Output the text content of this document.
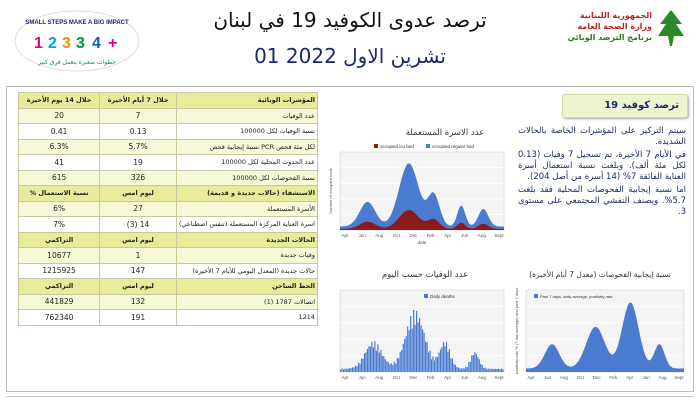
SMALL STEPS MAKE A BIG IMPACT
1 2 3 3 4 +
خطوات صغيرة بتعمل فرق كبير
ترصد عدوى الكوفيد 19 في لبنان
01 تشرين الاول 2022
الجمهورية اللبنانية
وزارة الصحة العامة
برنامج الترصد الوبائي
خلال 14 يوم الأخيرة	خلال 7 أيام الأخيرة	المؤشرات الوبائية
20	7	عدد الوفيات
0.41	0.13	نسبة الوفيات لكل 100000
6.3%	5.7%	نسبة إيجابية فحص PCR لكل مئة فحص
41	19	عدد الحدوث المحلية لكل 100000
615	326	نسبة الفحوصات لكل 100000
% نسبة الاستعمال	ليوم امس	الاستشفاء (حالات جديدة و قديمة)
6%	27	الأسرة المستعملة
7%	(3) 14	اسرة العناية المركزة المستعملة (تنفس اصطناعي)
التراكمي	ليوم امس	الحالات الجديدة
10677	1	وفيات جديدة
1215925	147	حالات جديدة (المعدل اليومي للأيام 7 الأخيرة)
التراكمي	ليوم امس	الخط الساخن
441829	132	اتصالات 1787 (1)
762340	191	1214
ترصد كوفيد 19

سيتم التركيز على المؤشرات الخاصة بالحالات الشديدة.

في الأيام 7 الأخيرة، تم تسجيل 7 وفيات (0.13 لكل مئة ألف). وبلغت نسبة استعمال أسرة العناية الفائقة 7% (14 أسرة من أصل 204).

اما نسبة إيجابية الفحوصات المحلية فقد بلغت 5.7%. ويصنف التفشي المجتمعي على مستوى 3.

عدد الاسرة المستعملة
Apr Jun Aug Oct Dec Feb Apr Jun Aug Sept
Number of occupied beds
occupied icu bed	occupied regular bed
date
عدد الوفيات حسب اليوم
Apr Jun Aug Oct Dec Feb Apr Jun Aug Sept
Daily deaths
نسبة إيجابية الفحوصات (معدل 7 أيام الأخيرة)
Apr Jun Aug Oct Dec Feb Apr Jun Aug Sept
positivity rate % (7 day average) and past 7 days	Past 7 days, daily average, positivity rate
